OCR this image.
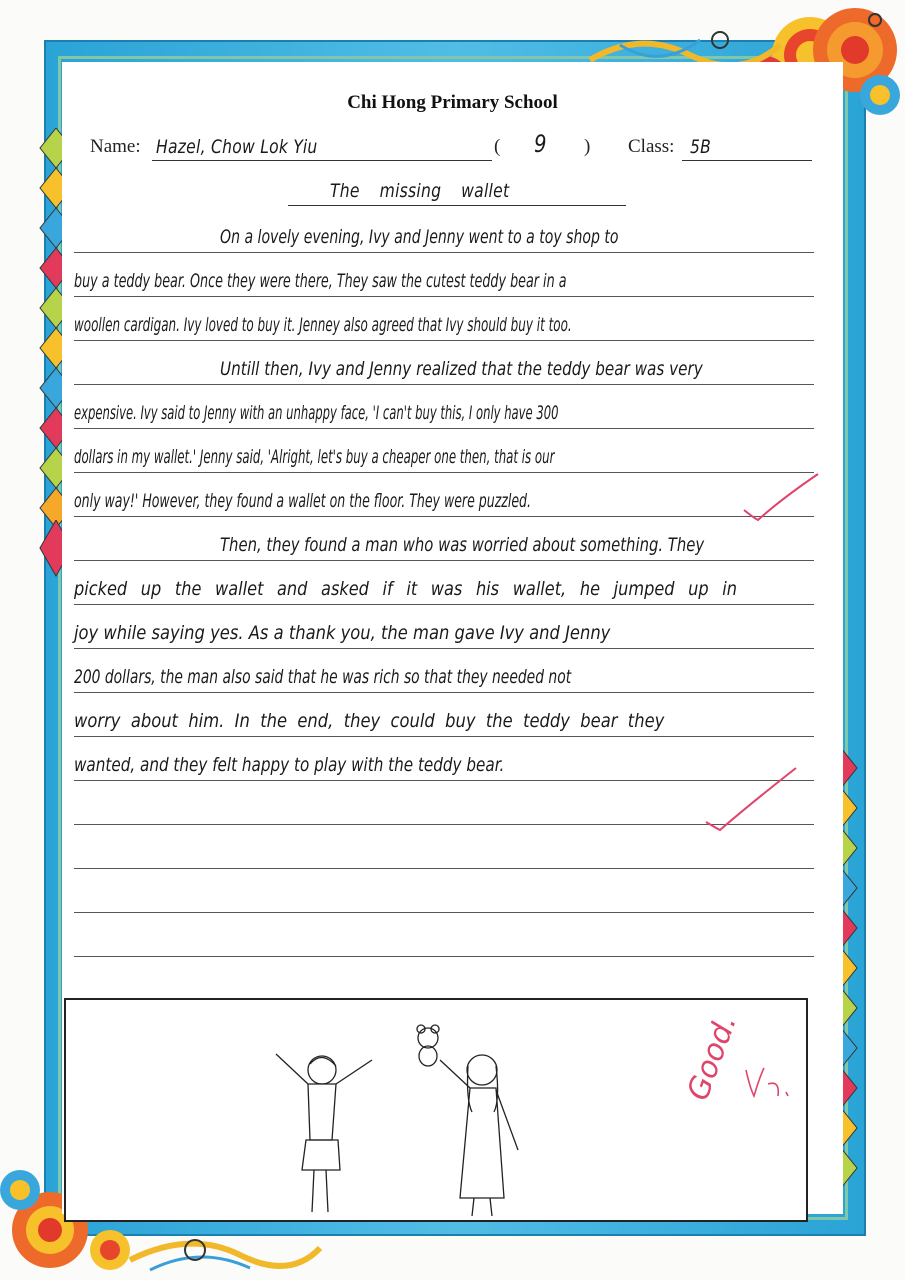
Chi Hong Primary School
Name: Hazel, Chow Lok Yiu	( 9 ) Class: 5B
The missing wallet
On a lovely evening, Ivy and Jenny went to a toy shop to
buy a teddy bear. Once they were there, They saw the cutest teddy bear in a
woollen cardigan. Ivy loved to buy it. Jenney also agreed that Ivy should buy it too.
Untill then, Ivy and Jenny realized that the teddy bear was very
expensive. Ivy said to Jenny with an unhappy face, 'I can't buy this, I only have 300
dollars in my wallet.' Jenny said, 'Alright, let's buy a cheaper one then, that is our
only way!' However, they found a wallet on the floor. They were puzzled.
Then, they found a man who was worried about something. They
picked up the wallet and asked if it was his wallet, he jumped up in
joy while saying yes. As a thank you, the man gave Ivy and Jenny
200 dollars, the man also said that he was rich so that they needed not
worry about him. In the end, they could buy the teddy bear they
wanted, and they felt happy to play with the teddy bear.
Good.
